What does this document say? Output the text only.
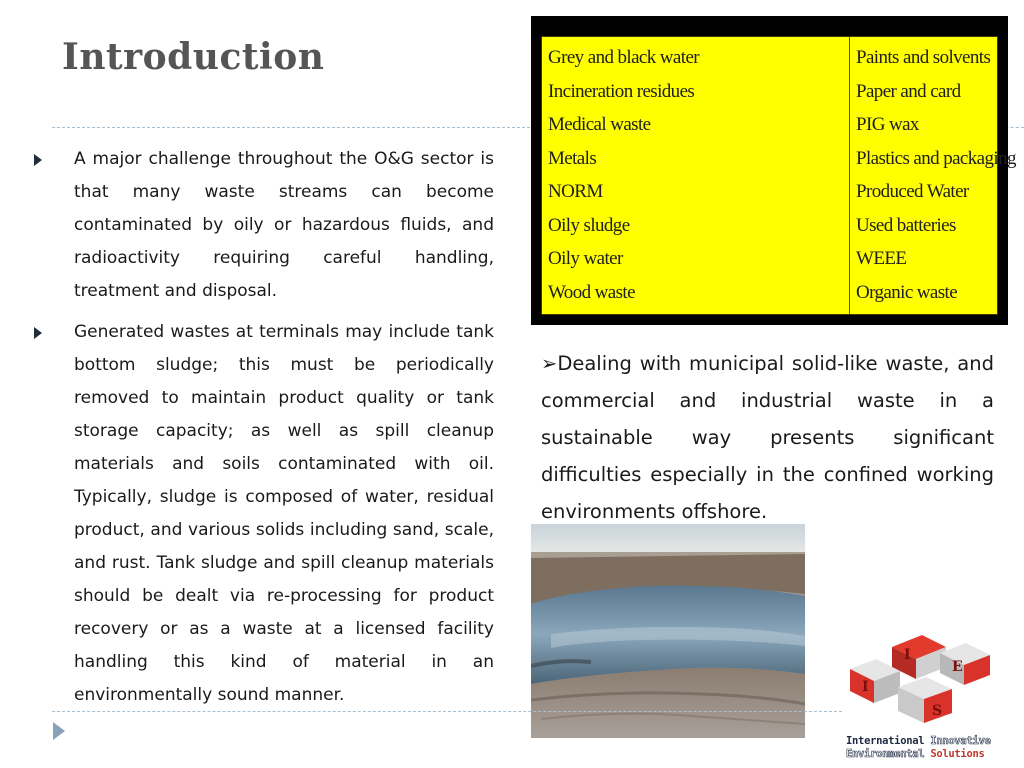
Introduction
A major challenge throughout the O&G sector is that many waste streams can become contaminated by oily or hazardous fluids, and radioactivity requiring careful handling, treatment and disposal.
Generated wastes at terminals may include tank bottom sludge; this must be periodically removed to maintain product quality or tank storage capacity; as well as spill cleanup materials and soils contaminated with oil. Typically, sludge is composed of water, residual product, and various solids including sand, scale, and rust. Tank sludge and spill cleanup materials should be dealt via re-processing for product recovery or as a waste at a licensed facility handling this kind of material in an environmentally sound manner.
Grey and black water
Incineration residues
Medical waste
Metals
NORM
Oily sludge
Oily water
Wood waste
Paints and solvents
Paper and card
PIG wax
Plastics and packaging
Produced Water
Used batteries
WEEE
Organic waste
➢Dealing with municipal solid-like waste, and commercial and industrial waste in a sustainable way presents significant difficulties especially in the confined working environments offshore.
I
E
I
S
International Innovative
Environmental Solutions
